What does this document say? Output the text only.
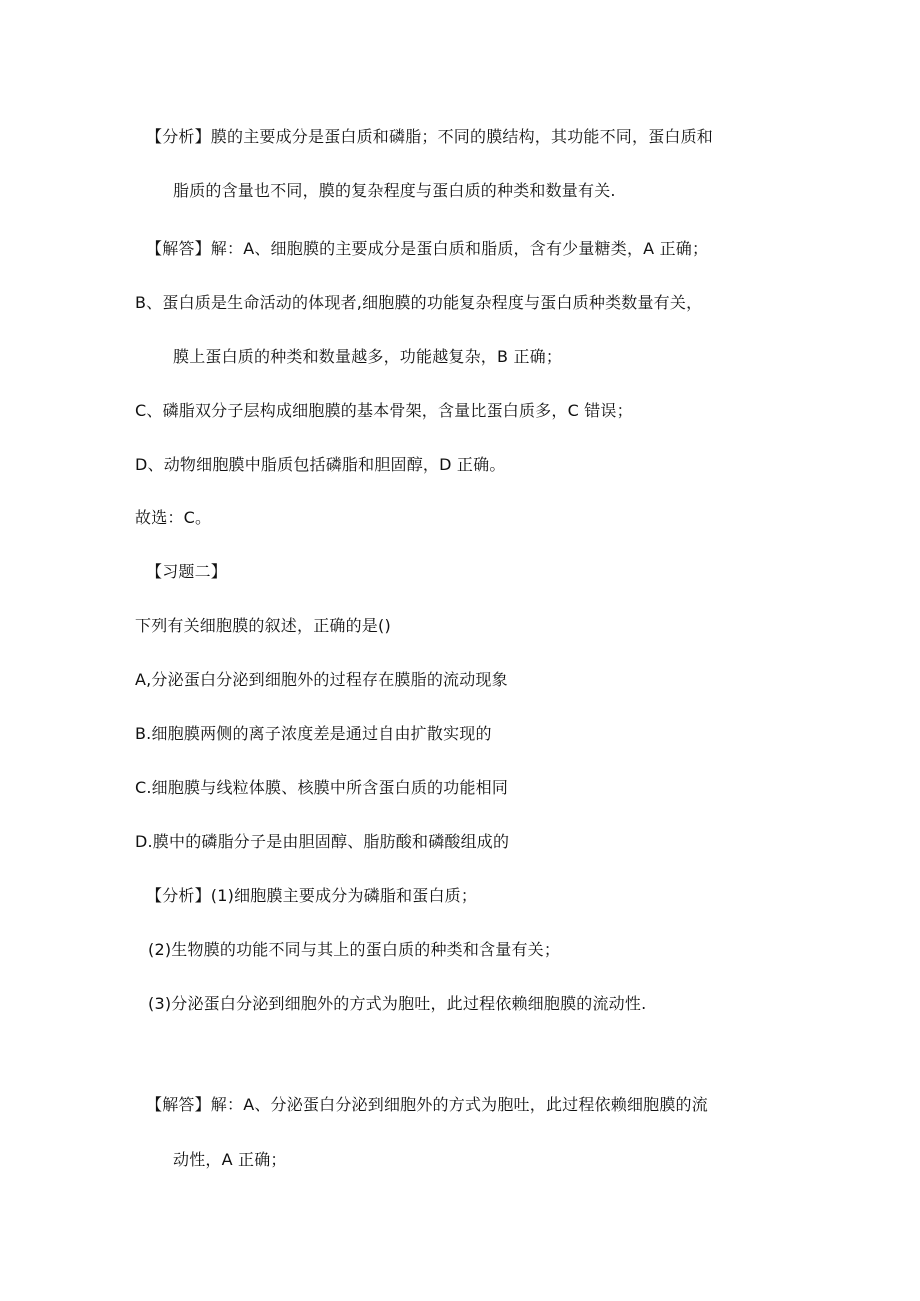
【分析】膜的主要成分是蛋白质和磷脂；不同的膜结构，其功能不同，蛋白质和
脂质的含量也不同，膜的复杂程度与蛋白质的种类和数量有关.
【解答】解：A、细胞膜的主要成分是蛋白质和脂质，含有少量糖类，A 正确；
B、蛋白质是生命活动的体现者,细胞膜的功能复杂程度与蛋白质种类数量有关，
膜上蛋白质的种类和数量越多，功能越复杂，B 正确；
C、磷脂双分子层构成细胞膜的基本骨架，含量比蛋白质多，C 错误；
D、动物细胞膜中脂质包括磷脂和胆固醇，D 正确。
故选：C。
【习题二】
下列有关细胞膜的叙述，正确的是()
A,分泌蛋白分泌到细胞外的过程存在膜脂的流动现象
B.细胞膜两侧的离子浓度差是通过自由扩散实现的
C.细胞膜与线粒体膜、核膜中所含蛋白质的功能相同
D.膜中的磷脂分子是由胆固醇、脂肪酸和磷酸组成的
【分析】(1)细胞膜主要成分为磷脂和蛋白质；
(2)生物膜的功能不同与其上的蛋白质的种类和含量有关；
(3)分泌蛋白分泌到细胞外的方式为胞吐，此过程依赖细胞膜的流动性.
【解答】解：A、分泌蛋白分泌到细胞外的方式为胞吐，此过程依赖细胞膜的流
动性，A 正确；
